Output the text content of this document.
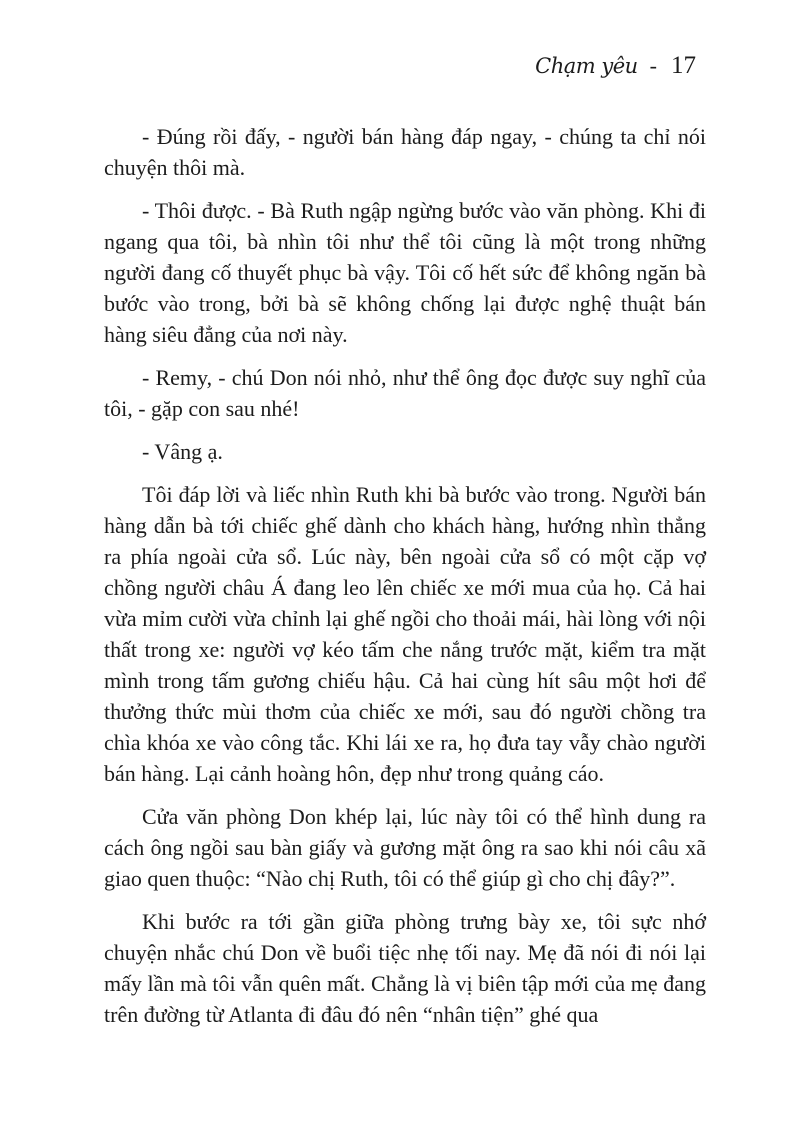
Chạm yêu - 17

- Đúng rồi đấy, - người bán hàng đáp ngay, - chúng ta chỉ nói chuyện thôi mà.

- Thôi được. - Bà Ruth ngập ngừng bước vào văn phòng. Khi đi ngang qua tôi, bà nhìn tôi như thể tôi cũng là một trong những người đang cố thuyết phục bà vậy. Tôi cố hết sức để không ngăn bà bước vào trong, bởi bà sẽ không chống lại được nghệ thuật bán hàng siêu đẳng của nơi này.

- Remy, - chú Don nói nhỏ, như thể ông đọc được suy nghĩ của tôi, - gặp con sau nhé!

- Vâng ạ.

Tôi đáp lời và liếc nhìn Ruth khi bà bước vào trong. Người bán hàng dẫn bà tới chiếc ghế dành cho khách hàng, hướng nhìn thẳng ra phía ngoài cửa sổ. Lúc này, bên ngoài cửa sổ có một cặp vợ chồng người châu Á đang leo lên chiếc xe mới mua của họ. Cả hai vừa mỉm cười vừa chỉnh lại ghế ngồi cho thoải mái, hài lòng với nội thất trong xe: người vợ kéo tấm che nắng trước mặt, kiểm tra mặt mình trong tấm gương chiếu hậu. Cả hai cùng hít sâu một hơi để thưởng thức mùi thơm của chiếc xe mới, sau đó người chồng tra chìa khóa xe vào công tắc. Khi lái xe ra, họ đưa tay vẫy chào người bán hàng. Lại cảnh hoàng hôn, đẹp như trong quảng cáo.

Cửa văn phòng Don khép lại, lúc này tôi có thể hình dung ra cách ông ngồi sau bàn giấy và gương mặt ông ra sao khi nói câu xã giao quen thuộc: “Nào chị Ruth, tôi có thể giúp gì cho chị đây?”.

Khi bước ra tới gần giữa phòng trưng bày xe, tôi sực nhớ chuyện nhắc chú Don về buổi tiệc nhẹ tối nay. Mẹ đã nói đi nói lại mấy lần mà tôi vẫn quên mất. Chẳng là vị biên tập mới của mẹ đang trên đường từ Atlanta đi đâu đó nên “nhân tiện” ghé qua
